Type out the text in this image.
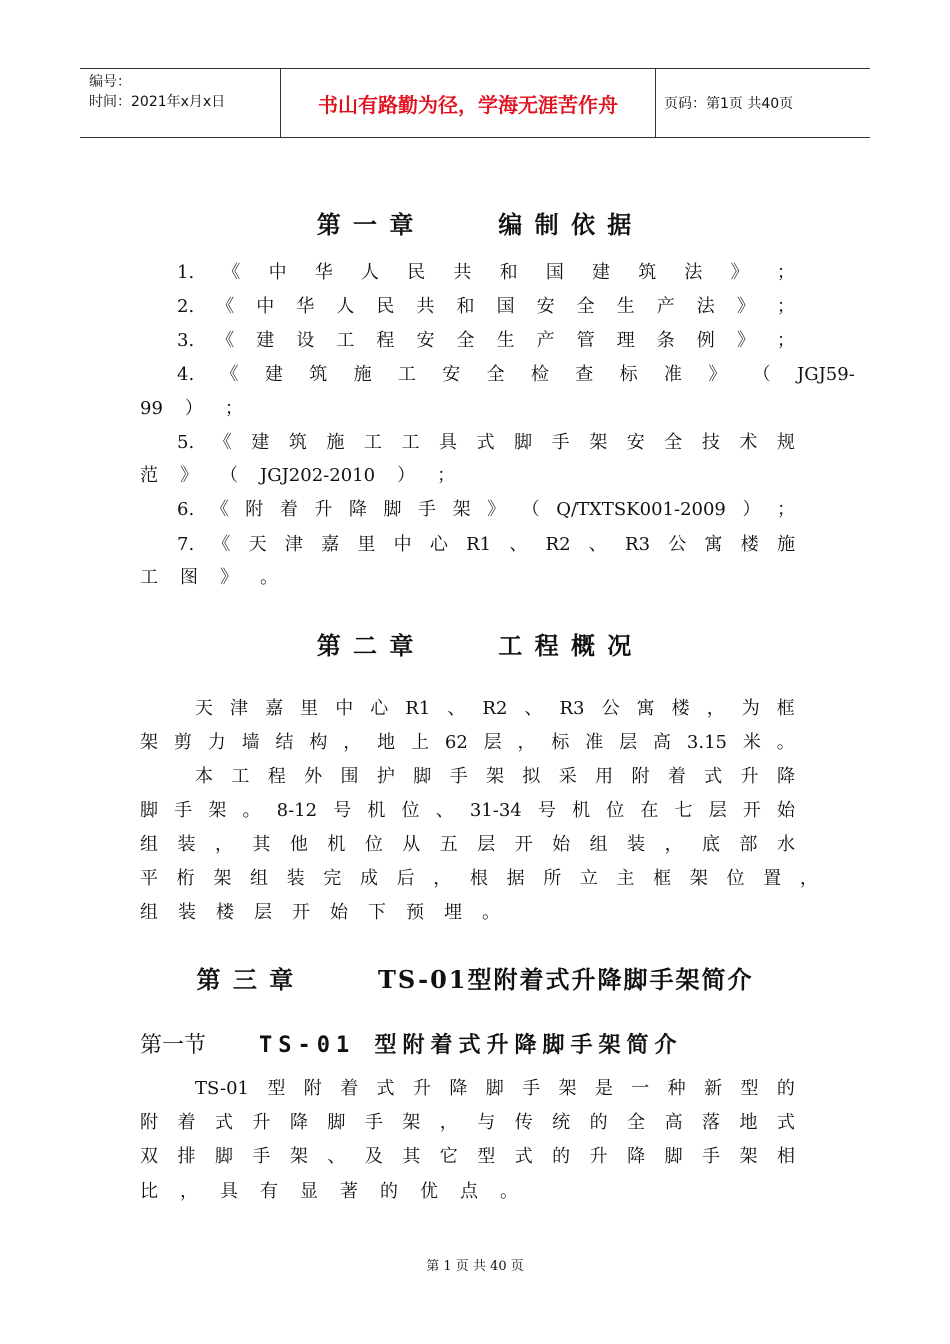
编号：
时间：2021年x月x日	书山有路勤为径，学海无涯苦作舟	页码：第1页 共40页
第 一 章        编 制 依 据
1. 《 中 华 人 民 共 和 国 建 筑 法 》 ；
2. 《 中 华 人 民 共 和 国 安 全 生 产 法 》 ；
3. 《 建 设 工 程 安 全 生 产 管 理 条 例 》 ；
4. 《 建 筑 施 工 安 全 检 查 标 准 》 （ JGJ59-
99 ） ；
5. 《 建 筑 施 工 工 具 式 脚 手 架 安 全 技 术 规
范 》 （ JGJ202-2010 ） ；
6. 《 附 着 升 降 脚 手 架 》 （ Q/TXTSK001-2009 ） ；
7. 《 天 津 嘉 里 中 心 R1 、 R2 、 R3 公 寓 楼 施
工 图 》 。
第 二 章        工 程 概 况
天 津 嘉 里 中 心 R1 、 R2 、 R3 公 寓 楼 ， 为 框
架 剪 力 墙 结 构 ， 地 上 62 层 ， 标 准 层 高 3.15 米 。
本 工 程 外 围 护 脚 手 架 拟 采 用 附 着 式 升 降
脚 手 架 。 8-12 号 机 位 、 31-34 号 机 位 在 七 层 开 始
组 装 ， 其 他 机 位 从 五 层 开 始 组 装 ， 底 部 水
平 桁 架 组 装 完 成 后 ， 根 据 所 立 主 框 架 位 置 ，
组 装 楼 层 开 始 下 预 埋 。
第 三 章        TS-01型附着式升降脚手架简介
第一节 TS-01 型附着式升降脚手架简介
TS-01 型 附 着 式 升 降 脚 手 架 是 一 种 新 型 的
附 着 式 升 降 脚 手 架 ， 与 传 统 的 全 高 落 地 式
双 排 脚 手 架 、 及 其 它 型 式 的 升 降 脚 手 架 相
比 ， 具 有 显 著 的 优 点 。
第 1 页 共 40 页
